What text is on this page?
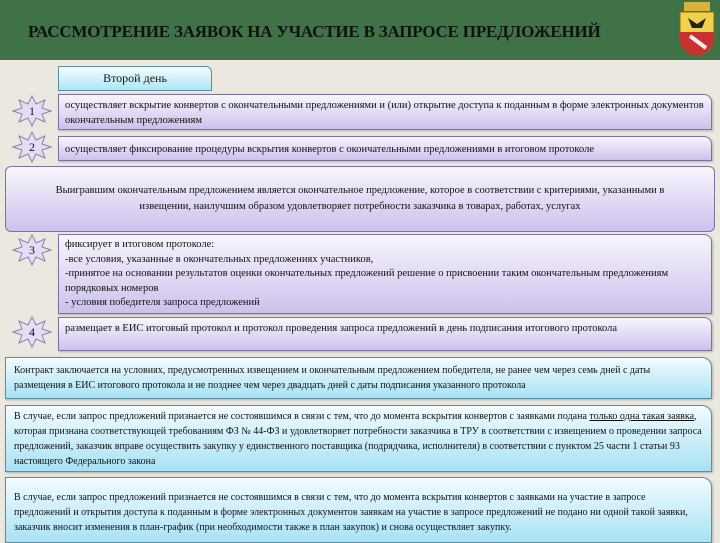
РАССМОТРЕНИЕ ЗАЯВОК НА УЧАСТИЕ В ЗАПРОСЕ ПРЕДЛОЖЕНИЙ
Второй день
1	осуществляет вскрытие конвертов с окончательными предложениями и (или) открытие доступа к поданным в форме электронных документов окончательным предложениям
2	осуществляет фиксирование процедуры вскрытия конвертов с окончательными предложениями в итоговом протоколе
Выигравшим окончательным предложением является окончательное предложение, которое в соответствии с критериями, указанными в извещении, наилучшим образом удовлетворяет потребности заказчика в товарах, работах, услугах
3	фиксирует в итоговом протоколе:
-все условия, указанные в окончательных предложениях участников,
-принятое на основании результатов оценки окончательных предложений решение о присвоении таким окончательным предложениям порядковых номеров
- условия победителя запроса предложений
4	размещает в ЕИС итоговый протокол и протокол проведения запроса предложений в день подписания итогового протокола
Контракт заключается на условиях, предусмотренных извещением и окончательным предложением победителя, не ранее чем через семь дней с даты размещения в ЕИС итогового протокола и не позднее чем через двадцать дней с даты подписания указанного протокола
В случае, если запрос предложений признается не состоявшимся в связи с тем, что до момента вскрытия конвертов с заявками подана только одна такая заявка, которая признана соответствующей требованиям ФЗ № 44-ФЗ и удовлетворяет потребности заказчика в ТРУ в соответствии с извещением о проведении запроса предложений, заказчик вправе осуществить закупку у единственного поставщика (подрядчика, исполнителя) в соответствии с пунктом 25 части 1 статьи 93 настоящего Федерального закона
В случае, если запрос предложений признается не состоявшимся в связи с тем, что до момента вскрытия конвертов с заявками на участие в запросе предложений и открытия доступа к поданным в форме электронных документов заявкам на участие в запросе предложений не подано ни одной такой заявки, заказчик вносит изменения в план-график (при необходимости также в план закупок) и снова осуществляет закупку.
